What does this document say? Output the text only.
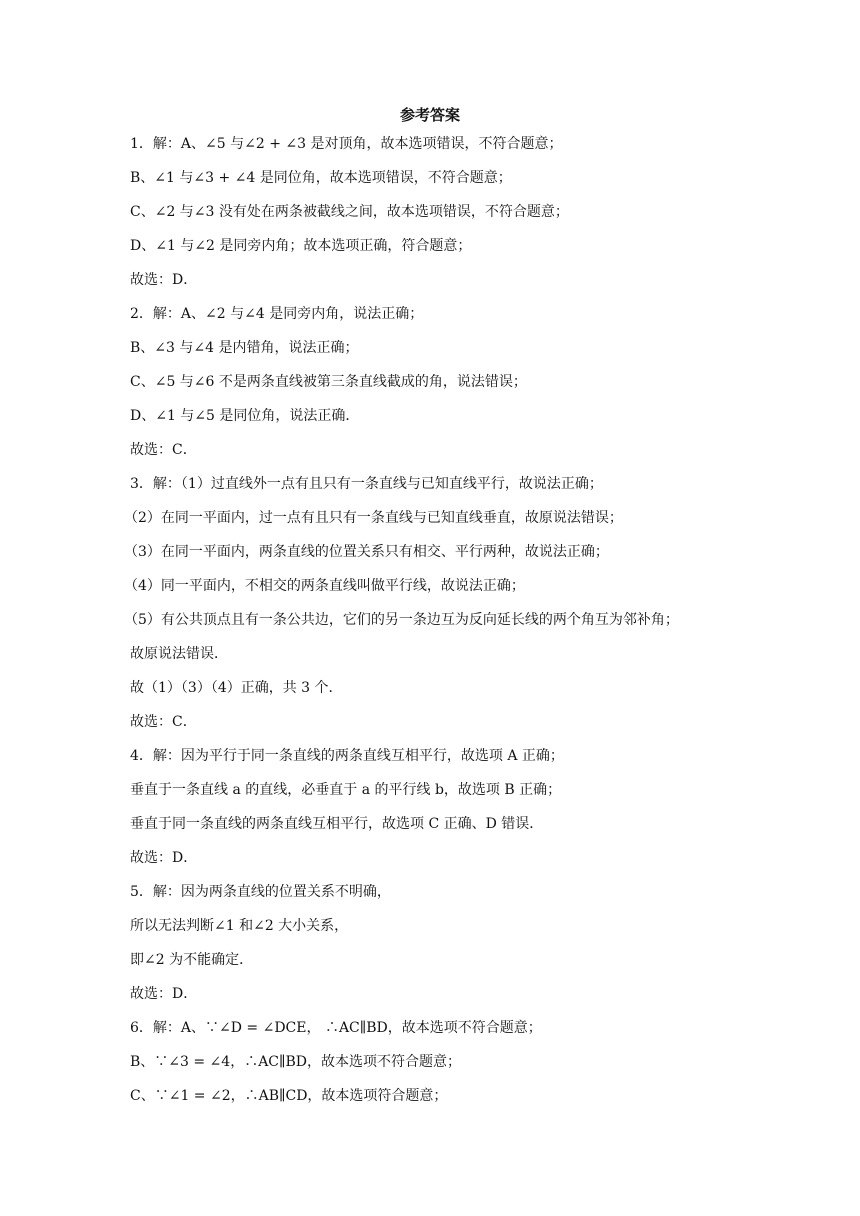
参考答案
1．解：A、∠5 与∠2 + ∠3 是对顶角，故本选项错误，不符合题意；
B、∠1 与∠3 + ∠4 是同位角，故本选项错误，不符合题意；
C、∠2 与∠3 没有处在两条被截线之间，故本选项错误，不符合题意；
D、∠1 与∠2 是同旁内角；故本选项正确，符合题意；
故选：D．
2．解：A、∠2 与∠4 是同旁内角，说法正确；
B、∠3 与∠4 是内错角，说法正确；
C、∠5 与∠6 不是两条直线被第三条直线截成的角，说法错误；
D、∠1 与∠5 是同位角，说法正确．
故选：C．
3．解：（1）过直线外一点有且只有一条直线与已知直线平行，故说法正确；
（2）在同一平面内，过一点有且只有一条直线与已知直线垂直，故原说法错误；
（3）在同一平面内，两条直线的位置关系只有相交、平行两种，故说法正确；
（4）同一平面内，不相交的两条直线叫做平行线，故说法正确；
（5）有公共顶点且有一条公共边，它们的另一条边互为反向延长线的两个角互为邻补角；
故原说法错误．
故（1）（3）（4）正确，共 3 个．
故选：C．
4．解：因为平行于同一条直线的两条直线互相平行，故选项 A 正确；
垂直于一条直线 a 的直线，必垂直于 a 的平行线 b，故选项 B 正确；
垂直于同一条直线的两条直线互相平行，故选项 C 正确、D 错误．
故选：D．
5．解：因为两条直线的位置关系不明确，
所以无法判断∠1 和∠2 大小关系，
即∠2 为不能确定．
故选：D．
6．解：A、∵∠D = ∠DCE， ∴AC∥BD，故本选项不符合题意；
B、∵∠3 = ∠4，∴AC∥BD，故本选项不符合题意；
C、∵∠1 = ∠2，∴AB∥CD，故本选项符合题意；
